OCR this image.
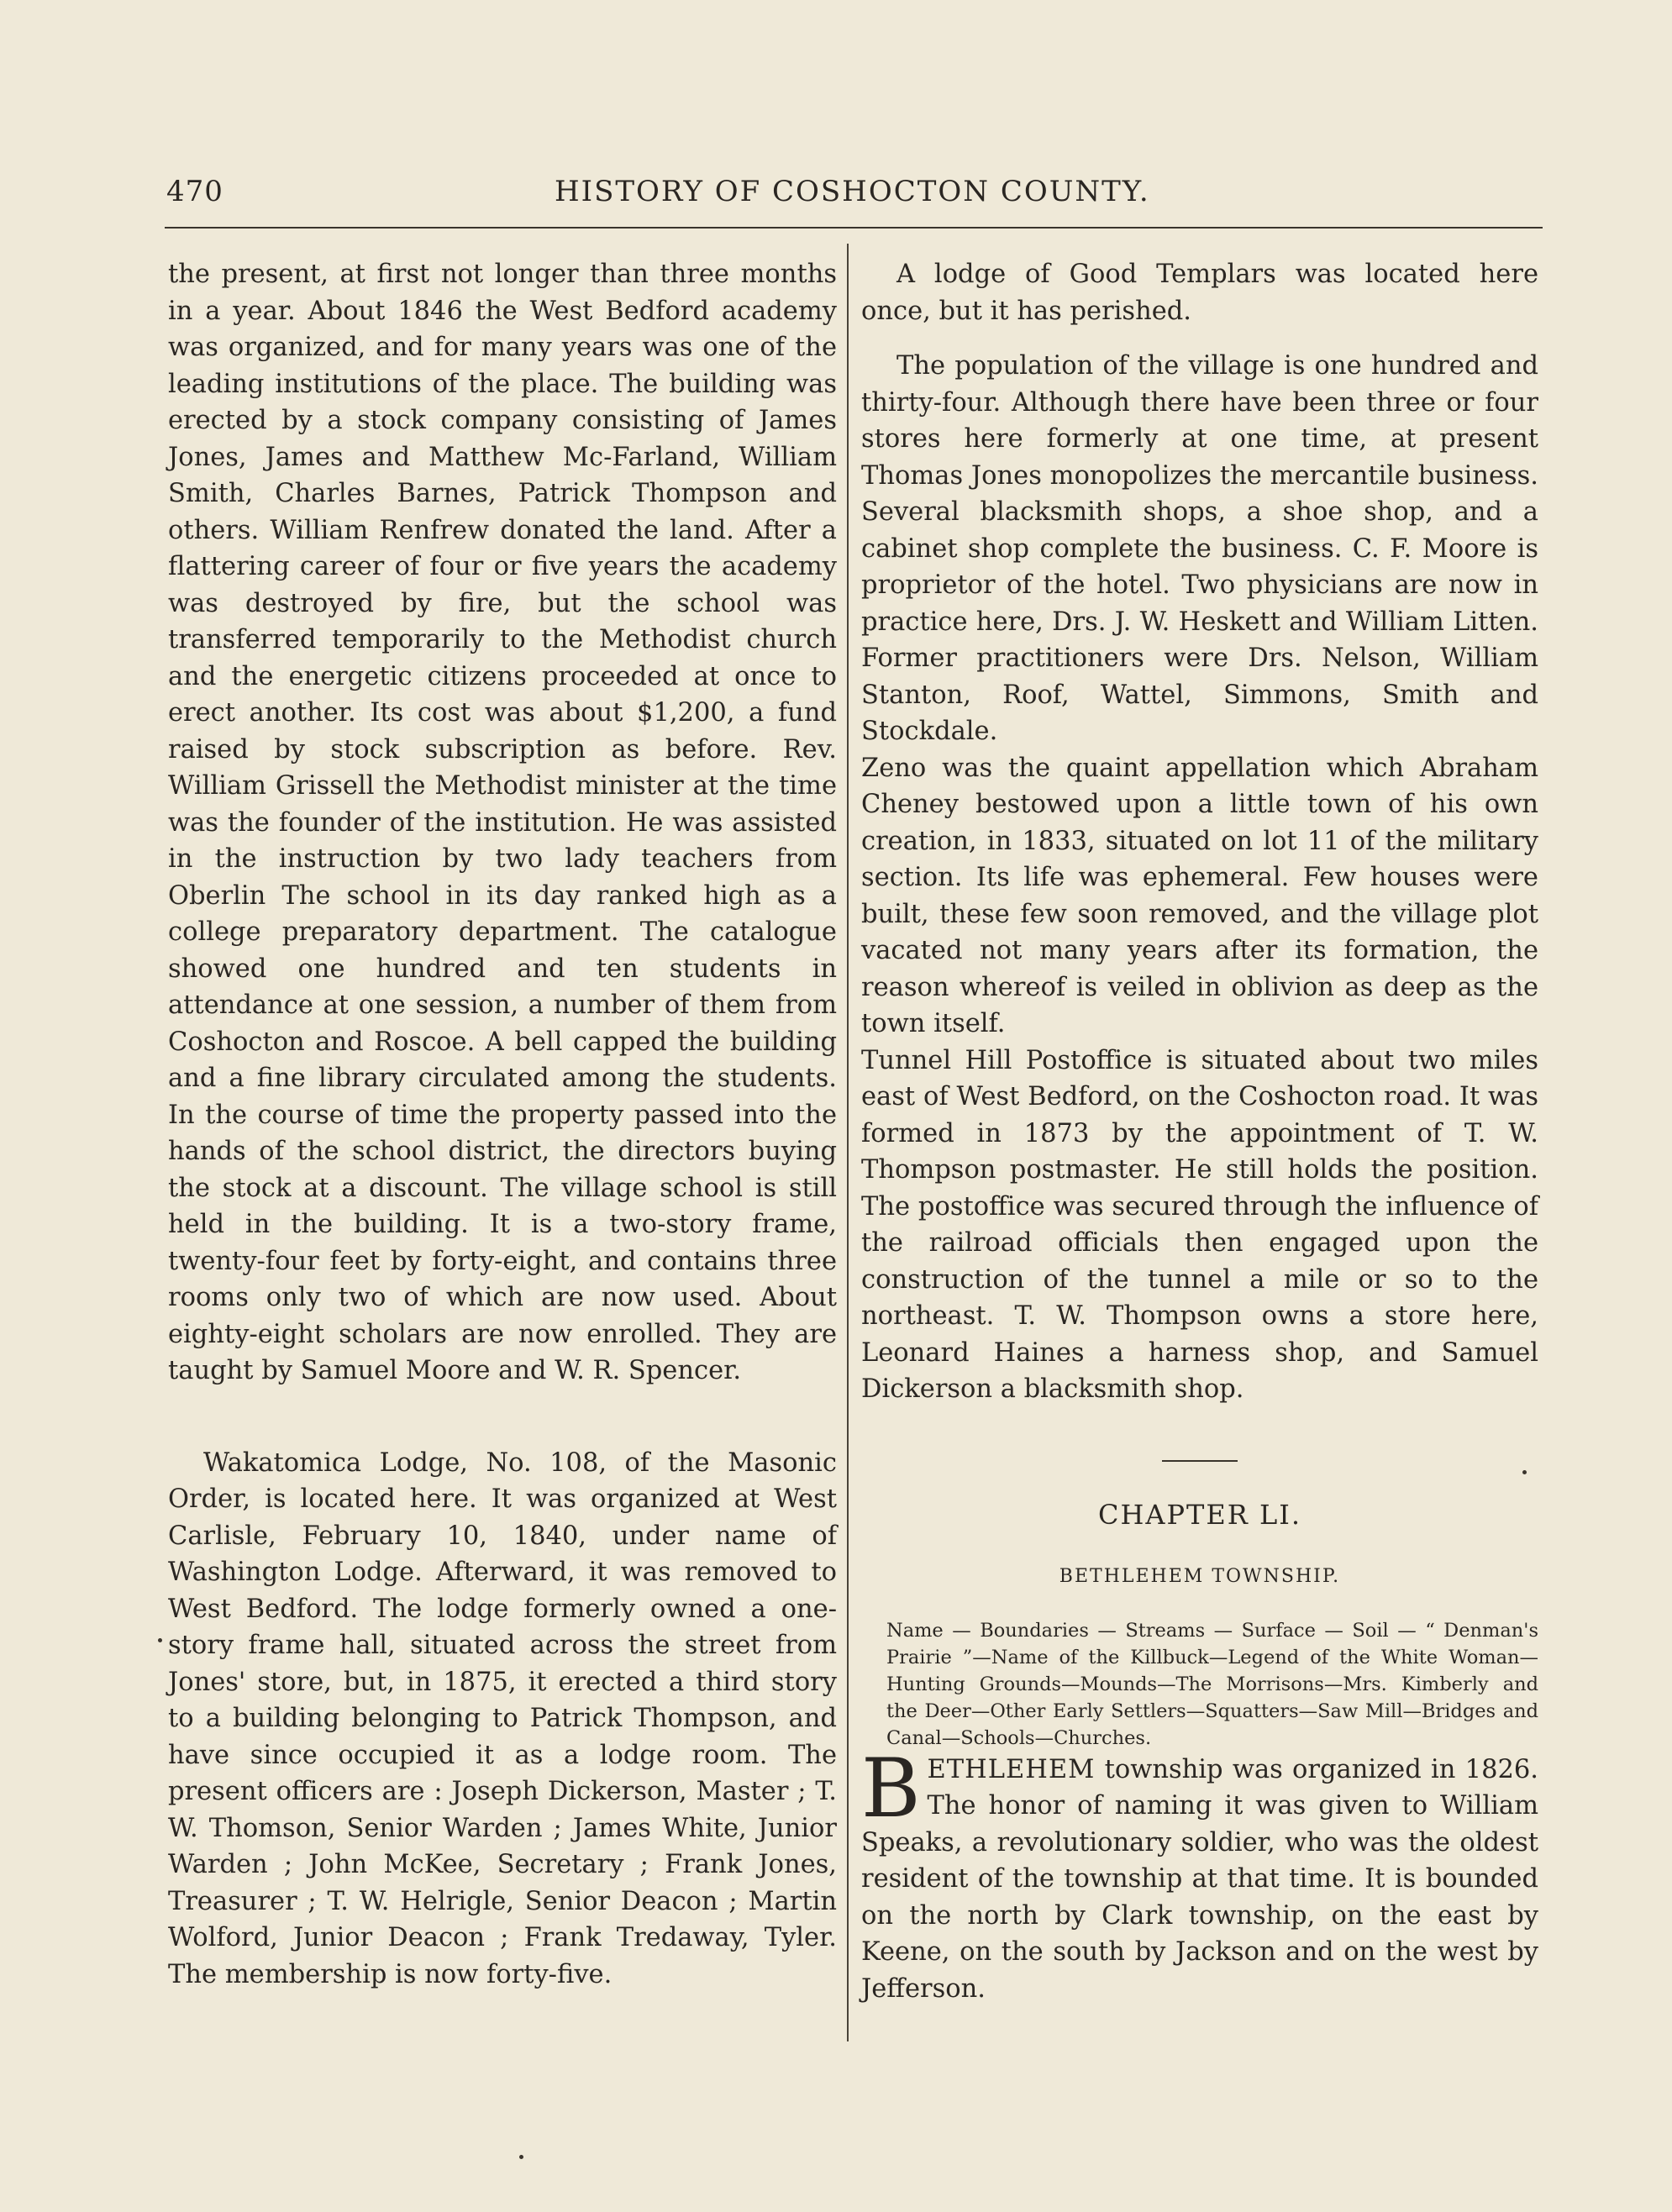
470	HISTORY OF COSHOCTON COUNTY.

the present, at first not longer than three months in a year. About 1846 the West Bedford academy was organized, and for many years was one of the leading institutions of the place. The building was erected by a stock company consisting of James Jones, James and Matthew Mc-Farland, William Smith, Charles Barnes, Patrick Thompson and others. William Renfrew donated the land. After a flattering career of four or five years the academy was destroyed by fire, but the school was transferred temporarily to the Methodist church and the energetic citizens proceeded at once to erect another. Its cost was about $1,200, a fund raised by stock subscription as before. Rev. William Grissell the Methodist minister at the time was the founder of the institution. He was assisted in the instruction by two lady teachers from Oberlin The school in its day ranked high as a college preparatory department. The catalogue showed one hundred and ten students in attendance at one session, a number of them from Coshocton and Roscoe. A bell capped the building and a fine library circulated among the students. In the course of time the property passed into the hands of the school district, the directors buying the stock at a discount. The village school is still held in the building. It is a two-story frame, twenty-four feet by forty-eight, and contains three rooms only two of which are now used. About eighty-eight scholars are now enrolled. They are taught by Samuel Moore and W. R. Spencer.

Wakatomica Lodge, No. 108, of the Masonic Order, is located here. It was organized at West Carlisle, February 10, 1840, under name of Washington Lodge. Afterward, it was removed to West Bedford. The lodge formerly owned a one-story frame hall, situated across the street from Jones' store, but, in 1875, it erected a third story to a building belonging to Patrick Thompson, and have since occupied it as a lodge room. The present officers are : Joseph Dickerson, Master ; T. W. Thomson, Senior Warden ; James White, Junior Warden ; John McKee, Secretary ; Frank Jones, Treasurer ; T. W. Helrigle, Senior Deacon ; Martin Wolford, Junior Deacon ; Frank Tredaway, Tyler. The membership is now forty-five.

A lodge of Good Templars was located here once, but it has perished.

The population of the village is one hundred and thirty-four. Although there have been three or four stores here formerly at one time, at present Thomas Jones monopolizes the mercantile business. Several blacksmith shops, a shoe shop, and a cabinet shop complete the business. C. F. Moore is proprietor of the hotel. Two physicians are now in practice here, Drs. J. W. Heskett and William Litten. Former practitioners were Drs. Nelson, William Stanton, Roof, Wattel, Simmons, Smith and Stockdale.

Zeno was the quaint appellation which Abraham Cheney bestowed upon a little town of his own creation, in 1833, situated on lot 11 of the military section. Its life was ephemeral. Few houses were built, these few soon removed, and the village plot vacated not many years after its formation, the reason whereof is veiled in oblivion as deep as the town itself.

Tunnel Hill Postoffice is situated about two miles east of West Bedford, on the Coshocton road. It was formed in 1873 by the appointment of T. W. Thompson postmaster. He still holds the position. The postoffice was secured through the influence of the railroad officials then engaged upon the construction of the tunnel a mile or so to the northeast. T. W. Thompson owns a store here, Leonard Haines a harness shop, and Samuel Dickerson a blacksmith shop.

CHAPTER LI.
BETHLEHEM TOWNSHIP.

Name — Boundaries — Streams — Surface — Soil — “ Denman's Prairie ”—Name of the Killbuck—Legend of the White Woman—Hunting Grounds—Mounds—The Morrisons—Mrs. Kimberly and the Deer—Other Early Settlers—Squatters—Saw Mill—Bridges and Canal—Schools—Churches.

BETHLEHEM township was organized in 1826. The honor of naming it was given to William Speaks, a revolutionary soldier, who was the oldest resident of the township at that time. It is bounded on the north by Clark township, on the east by Keene, on the south by Jackson and on the west by Jefferson.
